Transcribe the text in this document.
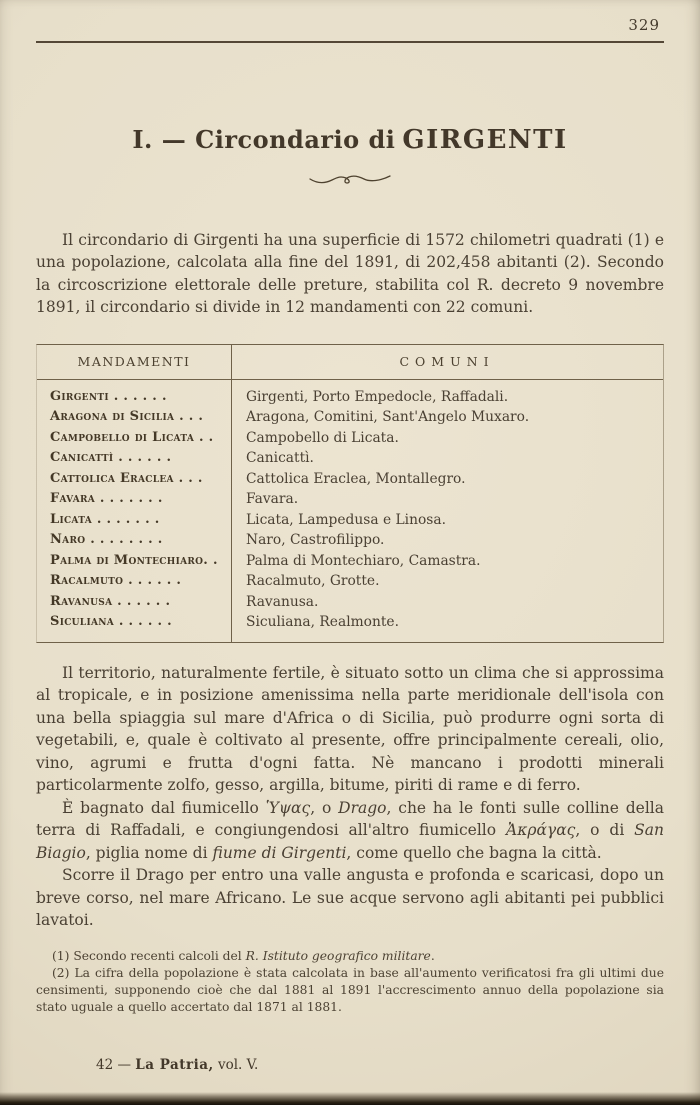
329
I. — Circondario di GIRGENTI

Il circondario di Girgenti ha una superficie di 1572 chilometri quadrati (1) e una popolazione, calcolata alla fine del 1891, di 202,458 abitanti (2). Secondo la circoscrizione elettorale delle preture, stabilita col R. decreto 9 novembre 1891, il circondario si divide in 12 mandamenti con 22 comuni.

MANDAMENTI	COMUNI
Girgenti . . . . . .	Girgenti, Porto Empedocle, Raffadali.
Aragona di Sicilia . . .	Aragona, Comitini, Sant'Angelo Muxaro.
Campobello di Licata . .	Campobello di Licata.
Canicattì . . . . . .	Canicattì.
Cattolica Eraclea . . .	Cattolica Eraclea, Montallegro.
Favara . . . . . . .	Favara.
Licata . . . . . . .	Licata, Lampedusa e Linosa.
Naro . . . . . . . .	Naro, Castrofilippo.
Palma di Montechiaro. .	Palma di Montechiaro, Camastra.
Racalmuto . . . . . .	Racalmuto, Grotte.
Ravanusa . . . . . .	Ravanusa.
Siculiana . . . . . .	Siculiana, Realmonte.

Il territorio, naturalmente fertile, è situato sotto un clima che si approssima al tropicale, e in posizione amenissima nella parte meridionale dell'isola con una bella spiaggia sul mare d'Africa o di Sicilia, può produrre ogni sorta di vegetabili, e, quale è coltivato al presente, offre principalmente cereali, olio, vino, agrumi e frutta d'ogni fatta. Nè mancano i prodotti minerali particolarmente zolfo, gesso, argilla, bitume, piriti di rame e di ferro.

È bagnato dal fiumicello Ὑψας, o Drago, che ha le fonti sulle colline della terra di Raffadali, e congiungendosi all'altro fiumicello Ἀκράγας, o di San Biagio, piglia nome di fiume di Girgenti, come quello che bagna la città.

Scorre il Drago per entro una valle angusta e profonda e scaricasi, dopo un breve corso, nel mare Africano. Le sue acque servono agli abitanti pei pubblici lavatoi.

(1) Secondo recenti calcoli del R. Istituto geografico militare.

(2) La cifra della popolazione è stata calcolata in base all'aumento verificatosi fra gli ultimi due censimenti, supponendo cioè che dal 1881 al 1891 l'accrescimento annuo della popolazione sia stato uguale a quello accertato dal 1871 al 1881.

42 — La Patria, vol. V.
